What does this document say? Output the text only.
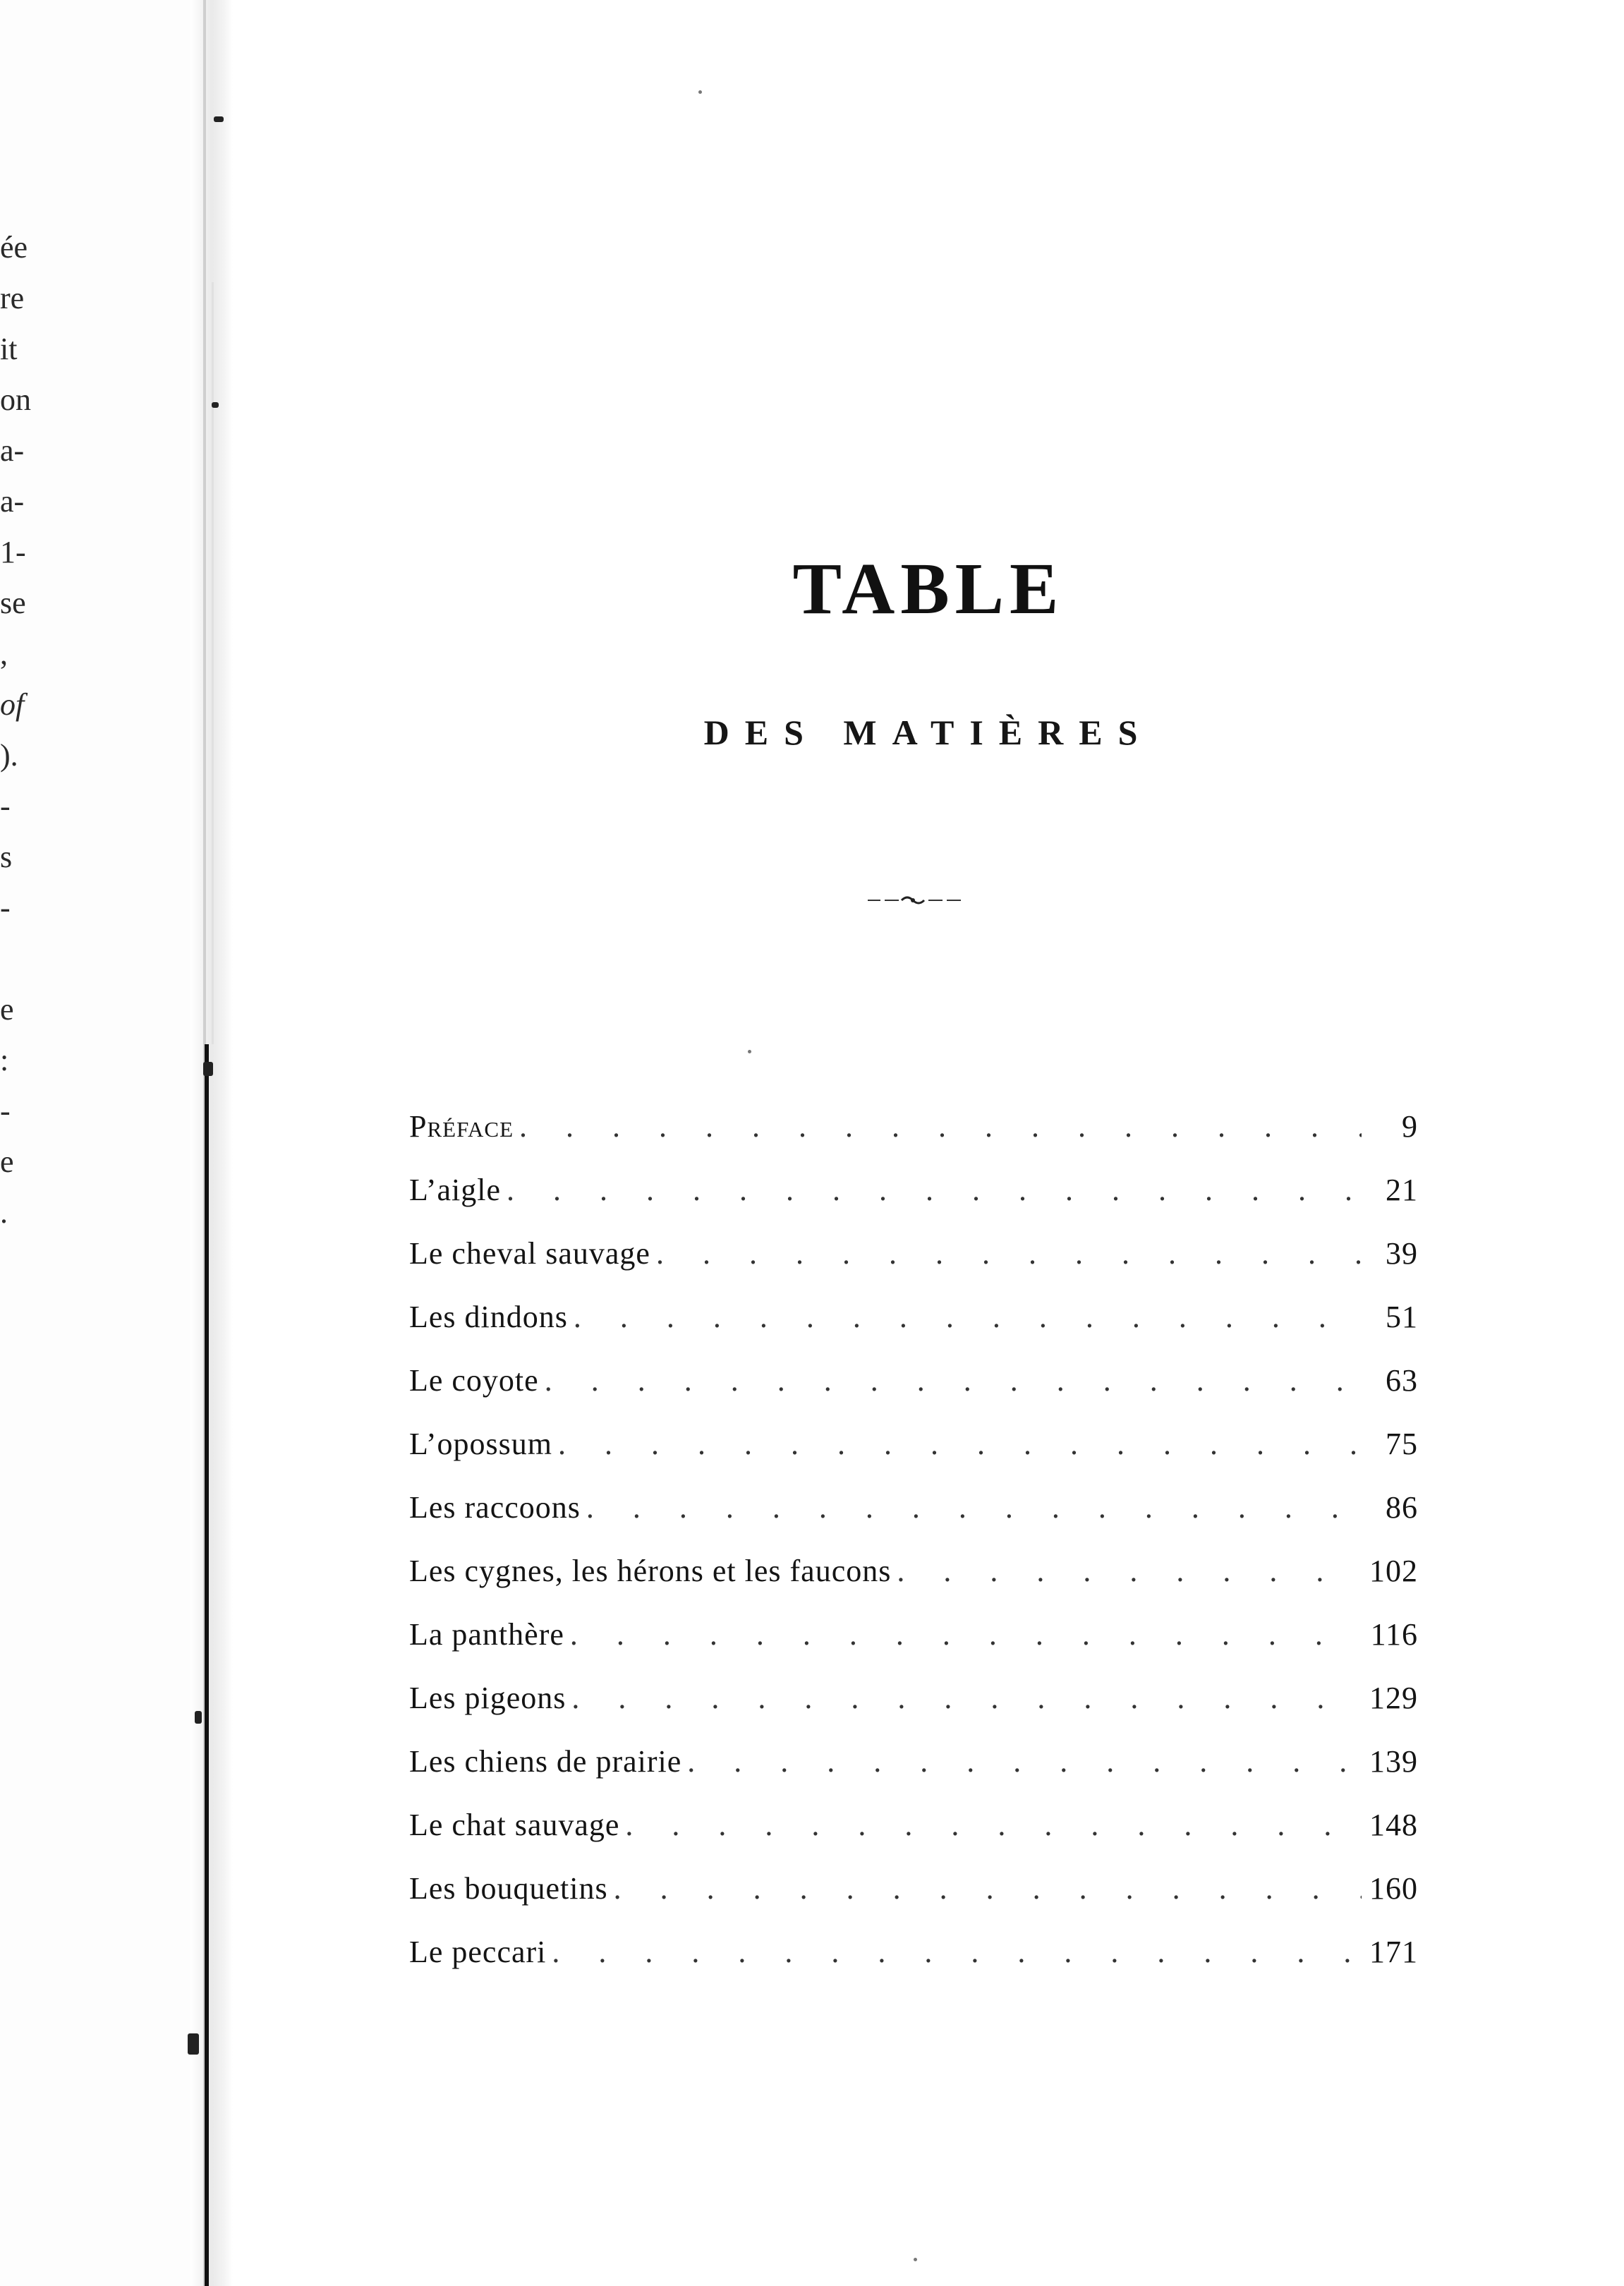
ée
re
it
on
a-
a-
1-
se
,
of
).
-
s
-
e
:
-
e
.
TABLE
DES MATIÈRES
Préface . . .	9
L’aigle . . .	21
Le cheval sauvage . . .	39
Les dindons . . .	51
Le coyote . . .	63
L’opossum . . .	75
Les raccoons . . .	86
Les cygnes, les hérons et les faucons . . .	102
La panthère . . .	116
Les pigeons . . .	129
Les chiens de prairie . . .	139
Le chat sauvage . . .	148
Les bouquetins . . .	160
Le peccari . . .	171
